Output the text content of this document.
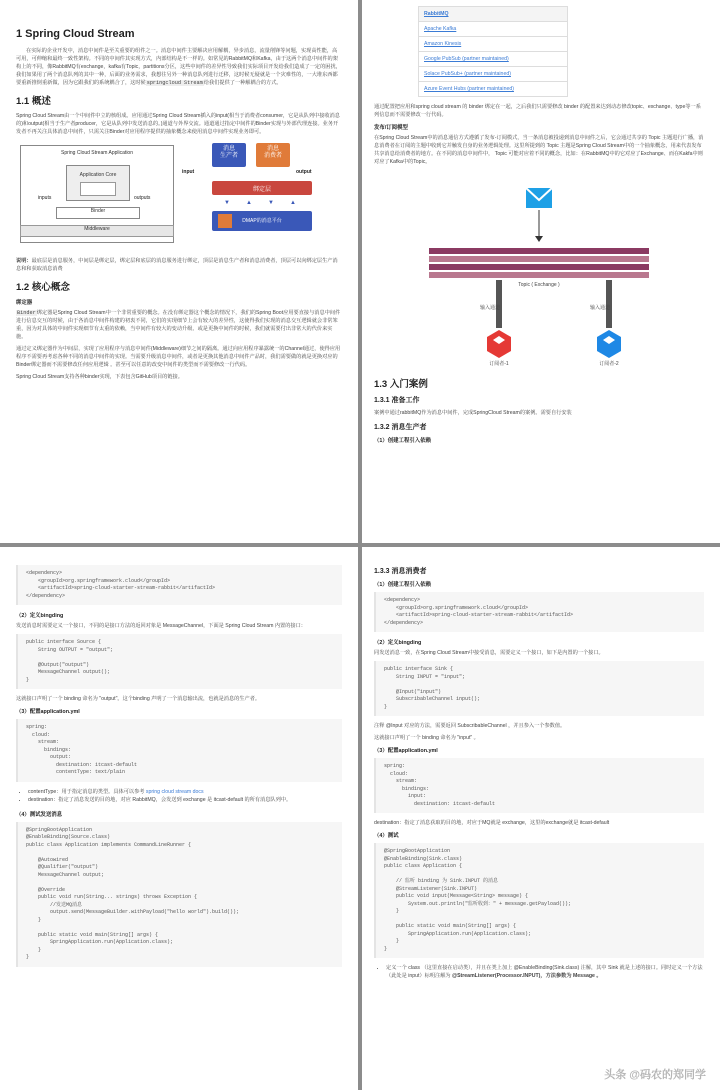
1 Spring Cloud Stream

在实际的企业开发中，消息中间件是至关重要的组件之一。消息中间件主要解决应用解耦，异步消息，流量削锋等问题，实现高性能，高可用，可伸缩和最终一致性架构。不同的中间件其实现方式，内部结构是不一样的。如常见的RabbitMQ和Kafka，由于这两个消息中间件的架构上的不同，像RabbitMQ有exchange，kafka有Topic，partitions分区，这些中间件的差异性导致我们实际项目开发给我们造成了一定的困扰，我们如果用了两个消息队列的其中一种，后面的业务需求，我想往另外一种消息队列进行迁移，这时候无疑就是一个灾难性的，一大堆东西都要重新推倒重新做，因为它跟我们的系统耦合了，这时候springcloud Stream给我们提供了一种解耦合的方式。

1.1 概述

Spring Cloud Stream由一个中间件中立的核组成。应用通过Spring Cloud Stream插入的input(相当于消费者consumer，它是从队列中接收消息的)和output(相当于生产者producer，它是从队列中发送消息的。)通道与外界交流。通道通过指定中间件的Binder实现与外部代理连接。业务开发者不再关注具体消息中间件，只需关注Binder对应用程序提供的抽象概念来使用消息中间件实现业务即可。

Spring Cloud Stream Application
Application Core
inputs	outputs
Binder
Middleware
消息
生产者
消息
消费者
input	output
绑定层
▼	▲	▼	▲
DMAP的消息平台

说明：最底层是消息服务，中间层是绑定层，绑定层和底层的消息服务进行绑定，顶层是消息生产者和消息消费者，顶层可以向绑定层生产消息和和获取消息消费

1.2 核心概念
绑定器

Binder绑定器是Spring Cloud Stream中一个非常重要的概念。在没有绑定器这个概念的情况下，我们的Spring Boot应用要直接与消息中间件进行信息交互的时候，由于各消息中间件构建的初衷不同，它们的实现细节上会有较大的差异性，这使得我们实现的消息交互逻辑就会非常笨重，因为对具体的中间件实现细节有太重的依赖，当中间件有较大的变动升级、或是更换中间件的时候，我们就需要付出非常大的代价来实施。

通过定义绑定器作为中间层，实现了应用程序与消息中间件(Middleware)细节之间的隔离。通过向应用程序暴露统一的Channel通过，使得应用程序不需要再考虑各种不同的消息中间件的实现。当需要升级消息中间件，或者是更换其他消息中间件产品时，我们需要做的就是更换对应的Binder绑定器而不需要修改任何应用逻辑 。甚至可以任意的改变中间件的类型而不需要修改一行代码。

Spring Cloud Stream支持各种binder实现，下表包含GitHub项目的链接。

RabbitMQ
Apache Kafka
Amazon Kinesis
Google PubSub (partner maintained)
Solace PubSub+ (partner maintained)
Azure Event Hubs (partner maintained)

通过配置把应用和spring cloud stream 的 binder 绑定在一起，之后我们只需要修改 binder 的配置来达到动态修改topic、exchange、type等一系列信息而不需要修改一行代码。

发布/订阅模型

在Spring Cloud Stream中的消息通信方式遵循了发布-订阅模式，当一条消息被投递到消息中间件之后，它会通过共享的 Topic 主题进行广播，消息消费者在订阅的主题中收到它并触发自身的业务逻辑处理。这里所提到的 Topic 主题是Spring Cloud Stream中的一个抽象概念，用来代表发布共享消息给消费者的地方。在不同的消息中间件中， Topic 可能对应着不同的概念，比如：在RabbitMQ中的它对应了Exchange、而在Kakfa中则对应了Kafka中的Topic。

Topic ( Exchange )
输入通道	输入通道
订阅者-1	订阅者-2
1.3 入门案例
1.3.1 准备工作

案例中通过rabbitMQ作为消息中间件，完成SpringCloud Stream的案例。需要自行安装

1.3.2 消息生产者
（1）创建工程引入依赖
<dependency>
<groupId>org.springframework.cloud</groupId>
<artifactId>spring-cloud-starter-stream-rabbit</artifactId>
</dependency>
（2）定义bingding

发送消息时需要定义一个接口，不同的是接口方法的返回对象是 MessageChannel，下面是 Spring Cloud Stream 内置的接口：

public interface Source {
String OUTPUT = "output";

@Output("output")
MessageChannel output();
}

这就接口声明了一个 binding 命名为 "output"。这个binding 声明了一个消息输出流，也就是消息的生产者。

（3）配置application.yml
spring:
cloud:
stream:
bindings:
output:
destination: itcast-default
contentType: text/plain
• contentType：用于指定消息的类型。具体可以参考 spring cloud stream docs
• destination：指定了消息发送的目的地，对应 RabbitMQ，会发送到 exchange 是 itcast-default 的所有消息队列中。
（4）测试发送消息
@SpringBootApplication
@EnableBinding(Source.class)
public class Application implements CommandLineRunner {

@Autowired
@Qualifier("output")
MessageChannel output;

@Override
public void run(String... strings) throws Exception {
//发送MQ消息
output.send(MessageBuilder.withPayload("hello world").build());
}

public static void main(String[] args) {
SpringApplication.run(Application.class);
}
}
1.3.3 消息消费者
（1）创建工程引入依赖
<dependency>
<groupId>org.springframework.cloud</groupId>
<artifactId>spring-cloud-starter-stream-rabbit</artifactId>
</dependency>
（2）定义bingding

同发送消息一致，在Spring Cloud Stream中接受消息，需要定义一个接口，如下是内置的一个接口。

public interface Sink {
String INPUT = "input";

@Input("input")
SubscribableChannel input();
}

注释 @Input 对应的方法，需要返回 SubscribableChannel ，并且参入一个参数值。

这就接口声明了一个 binding 命名为 "input" 。

（3）配置application.yml
spring:
cloud:
stream:
bindings:
input:
destination: itcast-default

destination：指定了消息获取的目的地，对应于MQ就是 exchange，这里的exchange就是 itcast-default

（4）测试
@SpringBootApplication
@EnableBinding(Sink.class)
public class Application {

// 监听 binding 为 Sink.INPUT 的消息
@StreamListener(Sink.INPUT)
public void input(Message<String> message) {
System.out.println("监听收到：" + message.getPayload());
}

public static void main(String[] args) {
SpringApplication.run(Application.class);
}
}
• 定义一个 class （这里直接在启动类），并且在类上加上 @EnableBinding(Sink.class) 注解，其中 Sink 就是上述的接口。同时定义一个方法（此处是 input）标明注解为 @StreamListener(Processor.INPUT)，方法参数为 Message 。
头条 @码农的郑同学
